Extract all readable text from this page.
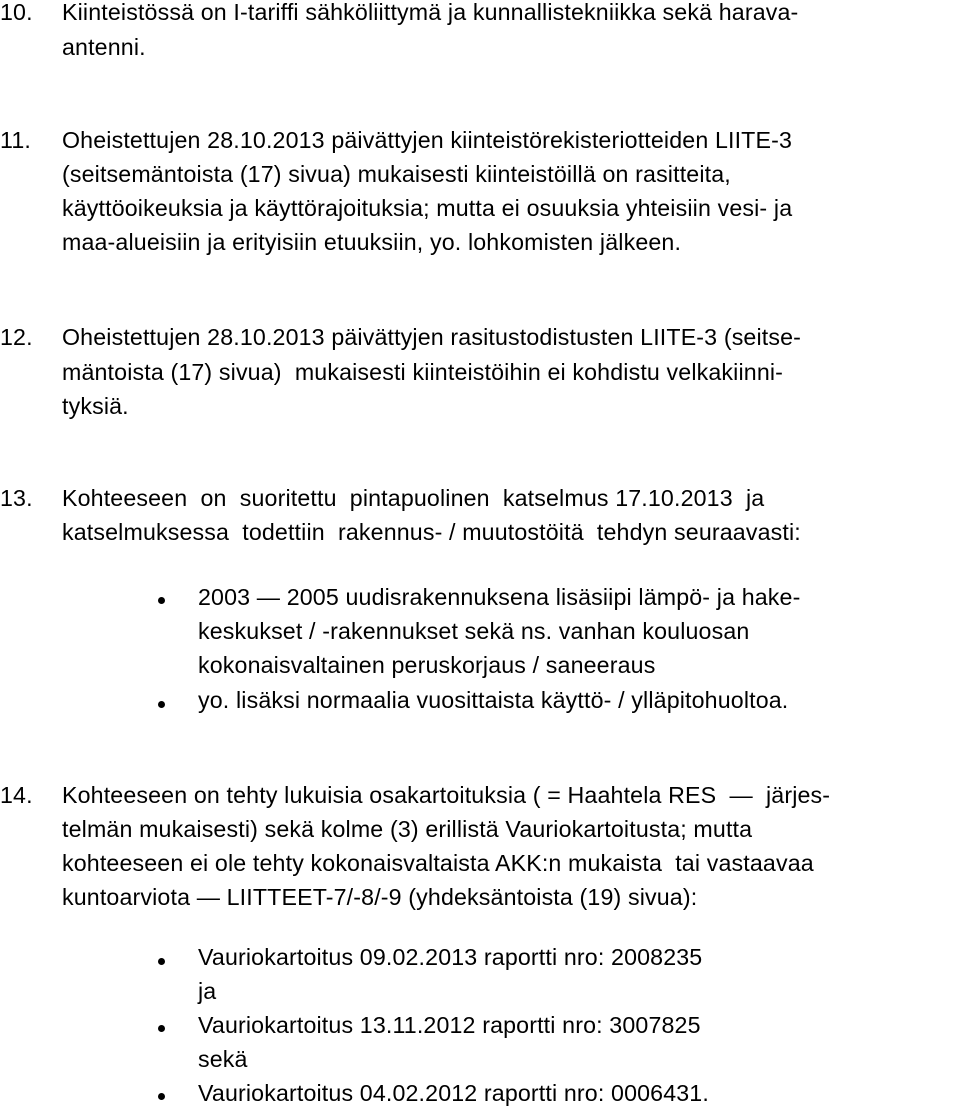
10. Kiinteistössä on I-tariffi sähköliittymä ja kunnallistekniikka sekä harava-
antenni.
11. Oheistettujen 28.10.2013 päivättyjen kiinteistörekisteriotteiden LIITE-3
(seitsemäntoista (17) sivua) mukaisesti kiinteistöillä on rasitteita,
käyttöoikeuksia ja käyttörajoituksia; mutta ei osuuksia yhteisiin vesi- ja
maa-alueisiin ja erityisiin etuuksiin, yo. lohkomisten jälkeen.
12. Oheistettujen 28.10.2013 päivättyjen rasitustodistusten LIITE-3 (seitse-
mäntoista (17) sivua)  mukaisesti kiinteistöihin ei kohdistu velkakiinni-
tyksiä.
13. Kohteeseen  on  suoritettu  pintapuolinen  katselmus 17.10.2013  ja
katselmuksessa  todettiin  rakennus- / muutostöitä  tehdyn seuraavasti:
2003 — 2005 uudisrakennuksena lisäsiipi lämpö- ja hake-
keskukset / -rakennukset sekä ns. vanhan kouluosan
kokonaisvaltainen peruskorjaus / saneeraus
yo. lisäksi normaalia vuosittaista käyttö- / ylläpitohuoltoa.
14. Kohteeseen on tehty lukuisia osakartoituksia ( = Haahtela RES  —  järjes-
telmän mukaisesti) sekä kolme (3) erillistä Vauriokartoitusta; mutta
kohteeseen ei ole tehty kokonaisvaltaista AKK:n mukaista  tai vastaavaa
kuntoarviota — LIITTEET-7/-8/-9 (yhdeksäntoista (19) sivua):
Vauriokartoitus 09.02.2013 raportti nro: 2008235
ja
Vauriokartoitus 13.11.2012 raportti nro: 3007825
sekä
Vauriokartoitus 04.02.2012 raportti nro: 0006431.
